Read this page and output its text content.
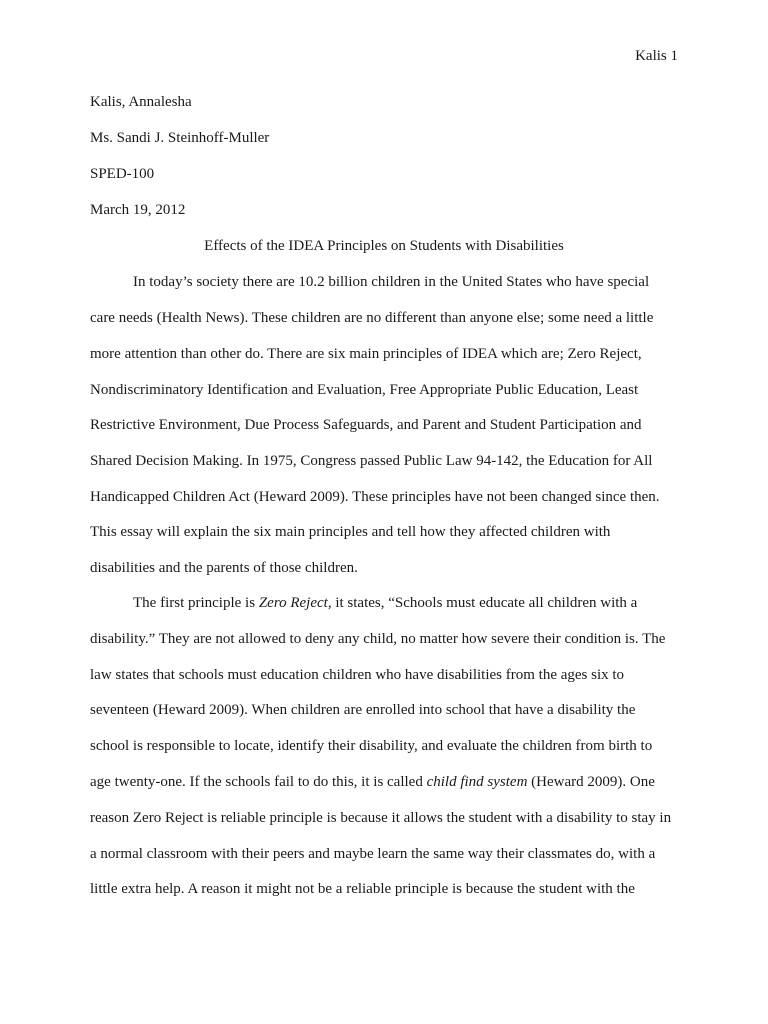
Kalis 1
Kalis, Annalesha
Ms. Sandi J. Steinhoff-Muller
SPED-100
March 19, 2012
Effects of the IDEA Principles on Students with Disabilities
In today’s society there are 10.2 billion children in the United States who have special
care needs (Health News). These children are no different than anyone else; some need a little
more attention than other do. There are six main principles of IDEA which are; Zero Reject,
Nondiscriminatory Identification and Evaluation, Free Appropriate Public Education, Least
Restrictive Environment, Due Process Safeguards, and Parent and Student Participation and
Shared Decision Making. In 1975, Congress passed Public Law 94-142, the Education for All
Handicapped Children Act (Heward 2009). These principles have not been changed since then.
This essay will explain the six main principles and tell how they affected children with
disabilities and the parents of those children.
The first principle is Zero Reject, it states, “Schools must educate all children with a
disability.” They are not allowed to deny any child, no matter how severe their condition is. The
law states that schools must education children who have disabilities from the ages six to
seventeen (Heward 2009). When children are enrolled into school that have a disability the
school is responsible to locate, identify their disability, and evaluate the children from birth to
age twenty-one. If the schools fail to do this, it is called child find system (Heward 2009). One
reason Zero Reject is reliable principle is because it allows the student with a disability to stay in
a normal classroom with their peers and maybe learn the same way their classmates do, with a
little extra help. A reason it might not be a reliable principle is because the student with the
